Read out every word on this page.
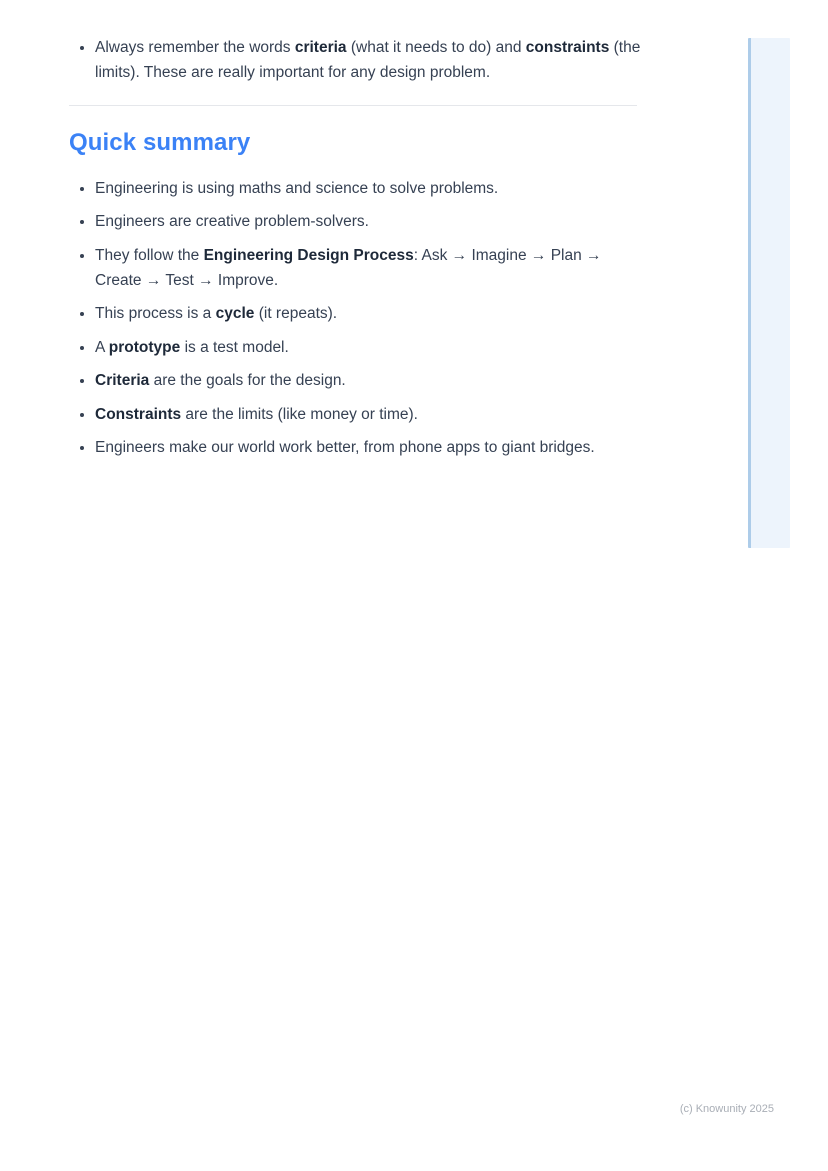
• Always remember the words criteria (what it needs to do) and constraints (the limits). These are really important for any design problem.
Quick summary
• Engineering is using maths and science to solve problems.
• Engineers are creative problem-solvers.
• They follow the Engineering Design Process: Ask → Imagine → Plan → Create → Test → Improve.
• This process is a cycle (it repeats).
• A prototype is a test model.
• Criteria are the goals for the design.
• Constraints are the limits (like money or time).
• Engineers make our world work better, from phone apps to giant bridges.
(c) Knowunity 2025
